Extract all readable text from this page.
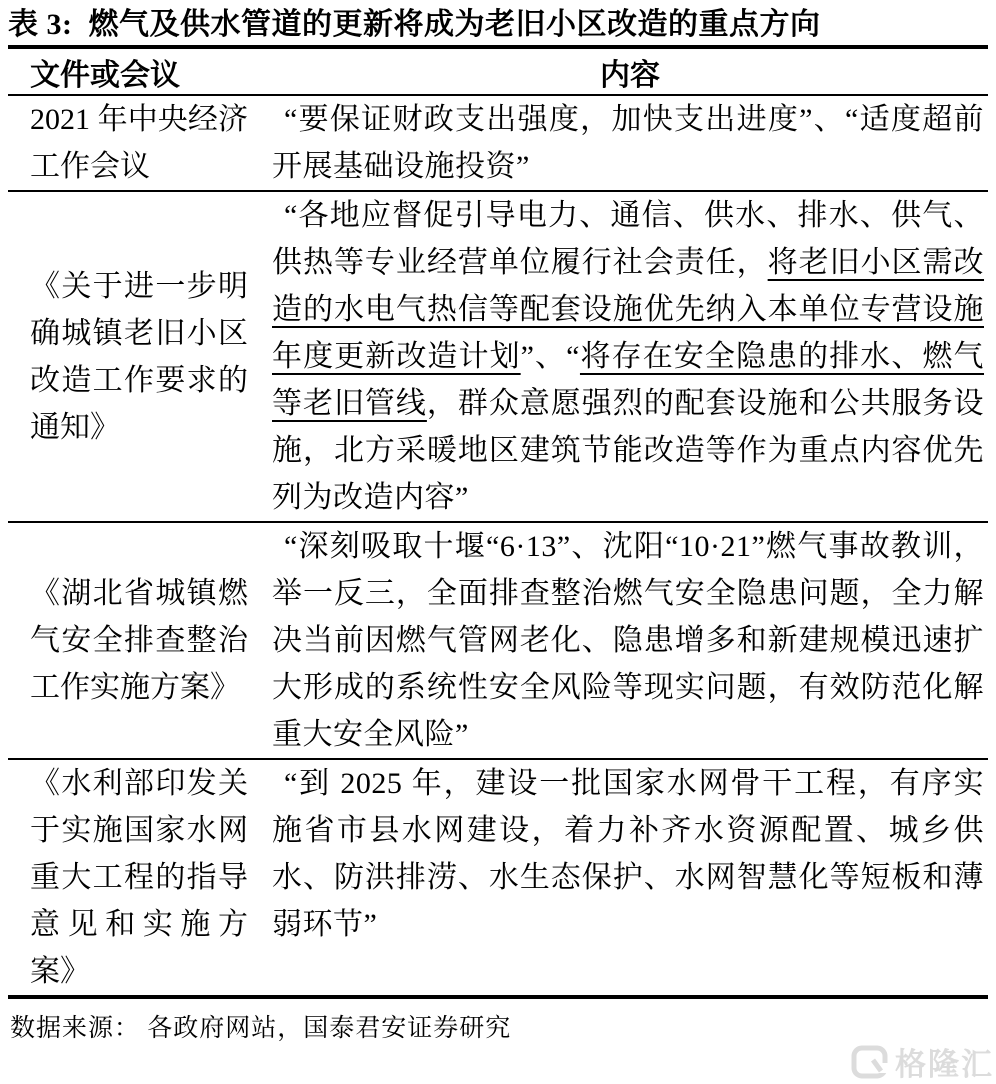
表 3:  燃气及供水管道的更新将成为老旧小区改造的重点方向
文件或会议	内容
2021 年中央经济工作会议	“要保证财政支出强度，加快支出进度”、“适度超前开展基础设施投资”
《关于进一步明确城镇老旧小区改造工作要求的通知》	“各地应督促引导电力、通信、供水、排水、供气、供热等专业经营单位履行社会责任，将老旧小区需改造的水电气热信等配套设施优先纳入本单位专营设施年度更新改造计划”、“将存在安全隐患的排水、燃气等老旧管线，群众意愿强烈的配套设施和公共服务设施，北方采暖地区建筑节能改造等作为重点内容优先列为改造内容”
《湖北省城镇燃气安全排查整治工作实施方案》	“深刻吸取十堰“6·13”、沈阳“10·21”燃气事故教训，举一反三，全面排查整治燃气安全隐患问题，全力解决当前因燃气管网老化、隐患增多和新建规模迅速扩大形成的系统性安全风险等现实问题，有效防范化解重大安全风险”
《水利部印发关于实施国家水网重大工程的指导意见和实施方案》	“到 2025 年，建设一批国家水网骨干工程，有序实施省市县水网建设，着力补齐水资源配置、城乡供水、防洪排涝、水生态保护、水网智慧化等短板和薄弱环节”
数据来源： 各政府网站，国泰君安证券研究
格隆汇
